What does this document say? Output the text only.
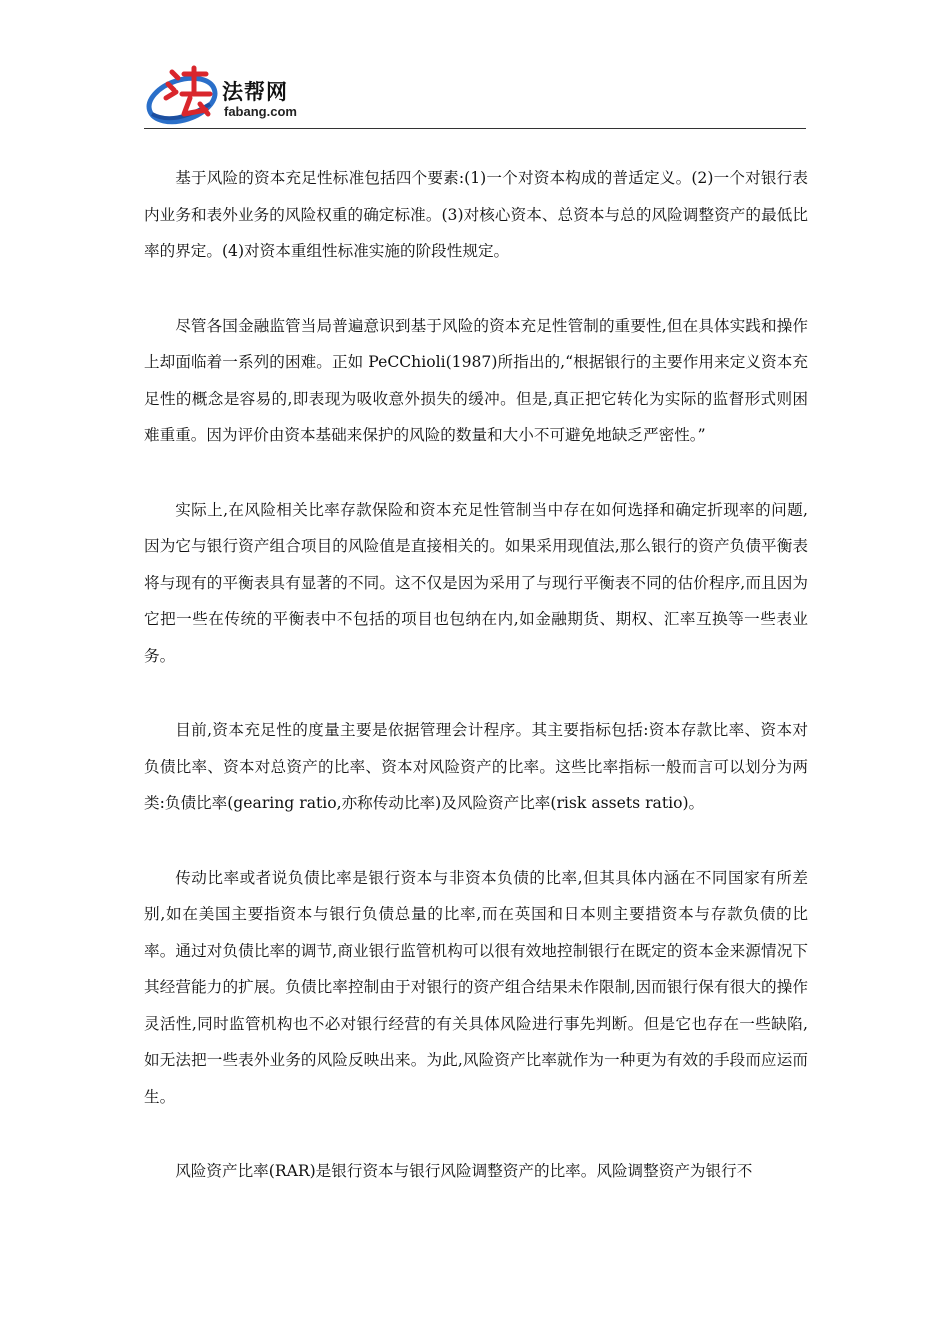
法帮网
fabang.com

基于风险的资本充足性标准包括四个要素:(1)一个对资本构成的普适定义。(2)一个对银行表内业务和表外业务的风险权重的确定标准。(3)对核心资本、总资本与总的风险调整资产的最低比率的界定。(4)对资本重组性标准实施的阶段性规定。

尽管各国金融监管当局普遍意识到基于风险的资本充足性管制的重要性,但在具体实践和操作上却面临着一系列的困难。正如 PeCChioli(1987)所指出的,“根据银行的主要作用来定义资本充足性的概念是容易的,即表现为吸收意外损失的缓冲。但是,真正把它转化为实际的监督形式则困难重重。因为评价由资本基础来保护的风险的数量和大小不可避免地缺乏严密性。”

实际上,在风险相关比率存款保险和资本充足性管制当中存在如何选择和确定折现率的问题,因为它与银行资产组合项目的风险值是直接相关的。如果采用现值法,那么银行的资产负债平衡表将与现有的平衡表具有显著的不同。这不仅是因为采用了与现行平衡表不同的估价程序,而且因为它把一些在传统的平衡表中不包括的项目也包纳在内,如金融期货、期权、汇率互换等一些表业务。

目前,资本充足性的度量主要是依据管理会计程序。其主要指标包括:资本存款比率、资本对负债比率、资本对总资产的比率、资本对风险资产的比率。这些比率指标一般而言可以划分为两类:负债比率(gearing ratio,亦称传动比率)及风险资产比率(risk assets ratio)。

传动比率或者说负债比率是银行资本与非资本负债的比率,但其具体内涵在不同国家有所差别,如在美国主要指资本与银行负债总量的比率,而在英国和日本则主要措资本与存款负债的比率。通过对负债比率的调节,商业银行监管机构可以很有效地控制银行在既定的资本金来源情况下其经营能力的扩展。负债比率控制由于对银行的资产组合结果未作限制,因而银行保有很大的操作灵活性,同时监管机构也不必对银行经营的有关具体风险进行事先判断。但是它也存在一些缺陷,如无法把一些表外业务的风险反映出来。为此,风险资产比率就作为一种更为有效的手段而应运而生。

风险资产比率(RAR)是银行资本与银行风险调整资产的比率。风险调整资产为银行不
